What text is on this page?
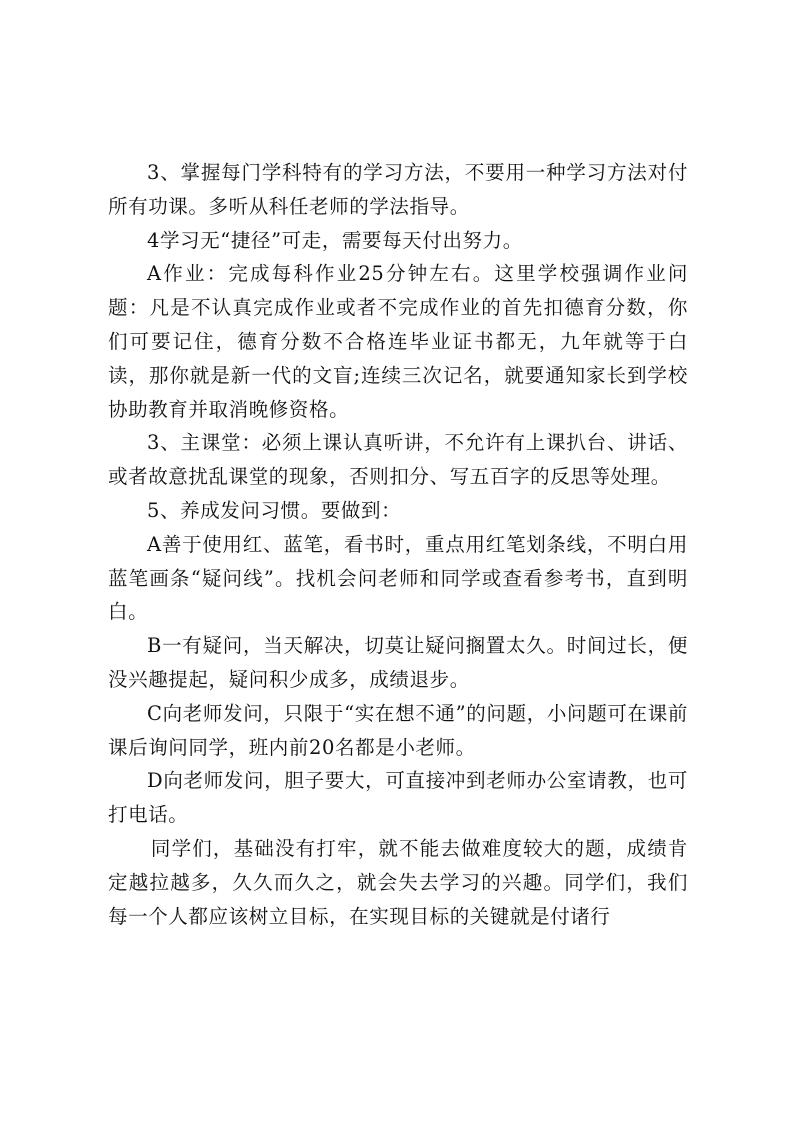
3、掌握每门学科特有的学习方法，不要用一种学习方法对付所有功课。多听从科任老师的学法指导。

4学习无“捷径”可走，需要每天付出努力。

A作业：完成每科作业25分钟左右。这里学校强调作业问题：凡是不认真完成作业或者不完成作业的首先扣德育分数，你们可要记住，德育分数不合格连毕业证书都无，九年就等于白读，那你就是新一代的文盲;连续三次记名，就要通知家长到学校协助教育并取消晚修资格。

3、主课堂：必须上课认真听讲，不允许有上课扒台、讲话、或者故意扰乱课堂的现象，否则扣分、写五百字的反思等处理。

5、养成发问习惯。要做到：

A善于使用红、蓝笔，看书时，重点用红笔划条线，不明白用蓝笔画条“疑问线”。找机会问老师和同学或查看参考书，直到明白。

B一有疑问，当天解决，切莫让疑问搁置太久。时间过长，便没兴趣提起，疑问积少成多，成绩退步。

C向老师发问，只限于“实在想不通”的问题，小问题可在课前课后询问同学，班内前20名都是小老师。

D向老师发问，胆子要大，可直接冲到老师办公室请教，也可打电话。

同学们，基础没有打牢，就不能去做难度较大的题，成绩肯定越拉越多，久久而久之，就会失去学习的兴趣。同学们，我们每一个人都应该树立目标，在实现目标的关键就是付诸行
